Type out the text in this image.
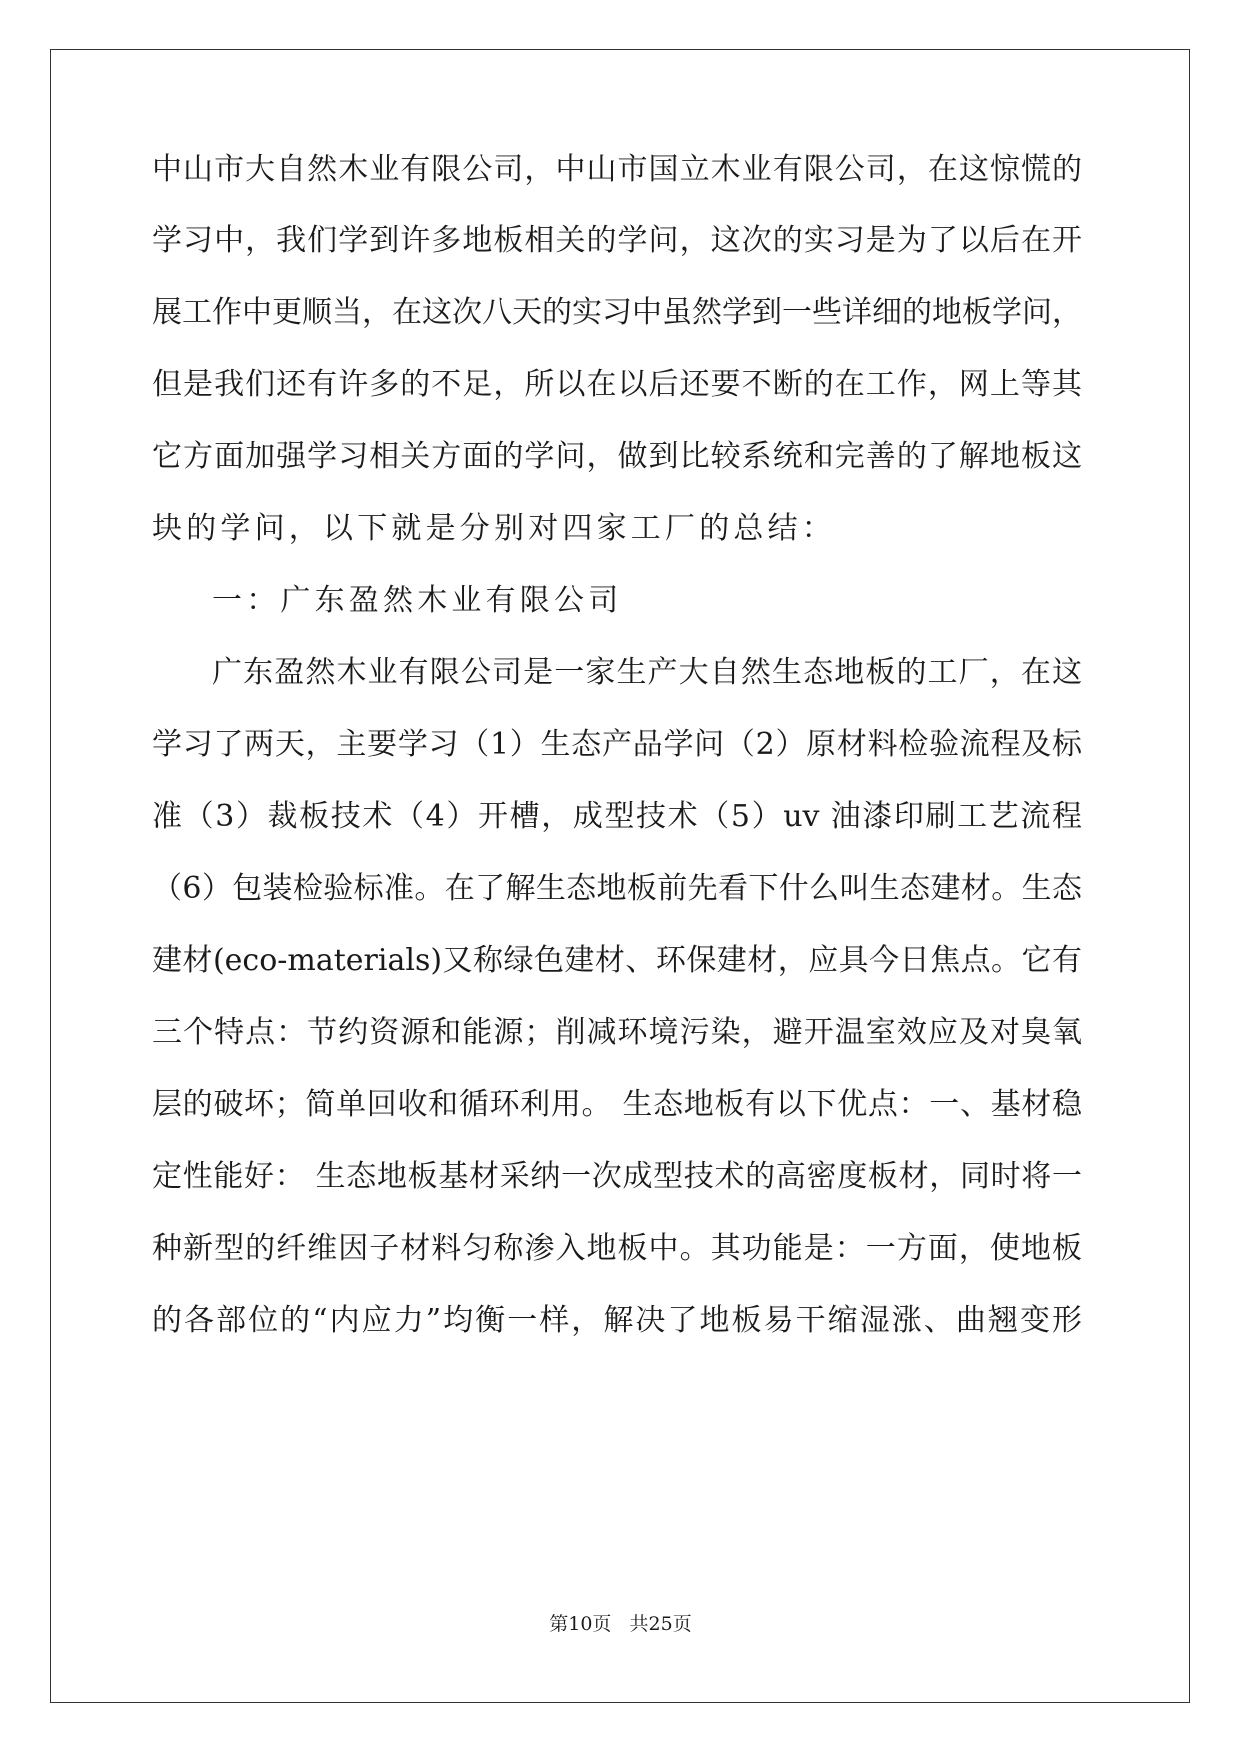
中山市大自然木业有限公司，中山市国立木业有限公司，在这惊慌的
学习中，我们学到许多地板相关的学问，这次的实习是为了以后在开
展工作中更顺当，在这次八天的实习中虽然学到一些详细的地板学问，
但是我们还有许多的不足，所以在以后还要不断的在工作，网上等其
它方面加强学习相关方面的学问，做到比较系统和完善的了解地板这
块的学问，以下就是分别对四家工厂的总结：
一：广东盈然木业有限公司
广东盈然木业有限公司是一家生产大自然生态地板的工厂，在这
学习了两天，主要学习（1）生态产品学问（2）原材料检验流程及标
准（3）裁板技术（4）开槽，成型技术（5）uv 油漆印刷工艺流程
（6）包装检验标准。在了解生态地板前先看下什么叫生态建材。生态
建材(eco-materials)又称绿色建材、环保建材，应具今日焦点。它有
三个特点：节约资源和能源；削减环境污染，避开温室效应及对臭氧
层的破坏；简单回收和循环利用。 生态地板有以下优点：一、基材稳
定性能好： 生态地板基材采纳一次成型技术的高密度板材，同时将一
种新型的纤维因子材料匀称渗入地板中。其功能是：一方面，使地板
的各部位的“内应力”均衡一样，解决了地板易干缩湿涨、曲翘变形
第10页   共25页
